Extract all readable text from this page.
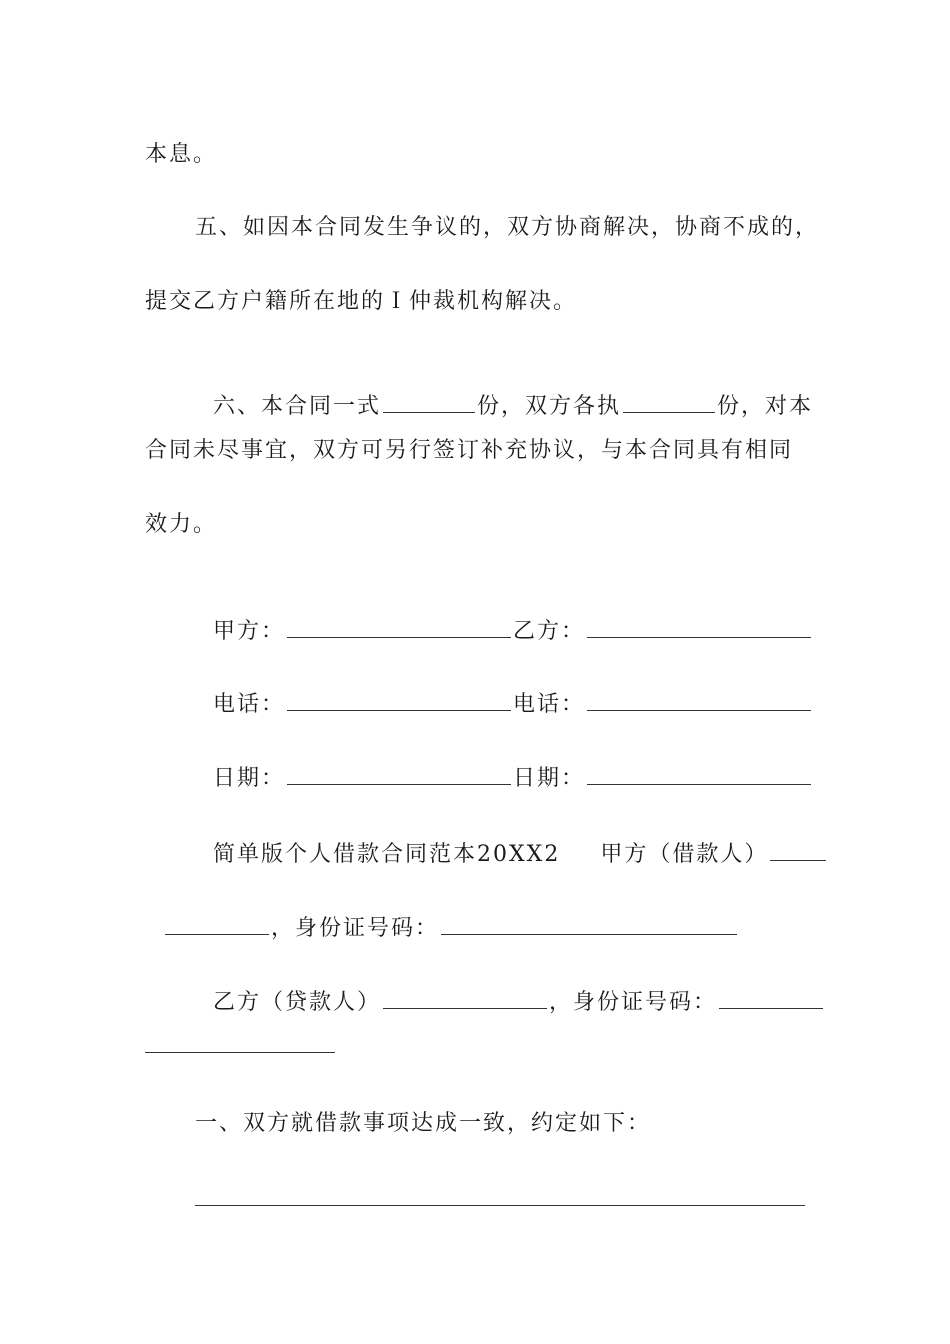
本息。
五、如因本合同发生争议的，双方协商解决，协商不成的，
提交乙方户籍所在地的Ｉ仲裁机构解决。

六、本合同一式	份，双方各执	份，对本

合同未尽事宜，双方可另行签订补充协议，与本合同具有相同
效力。

甲方：	乙方：

电话：	电话：

日期：	日期：

简单版个人借款合同范本20XX2 甲方（借款人）

，身份证号码：

乙方（贷款人）	，身份证号码：

一、双方就借款事项达成一致，约定如下：
